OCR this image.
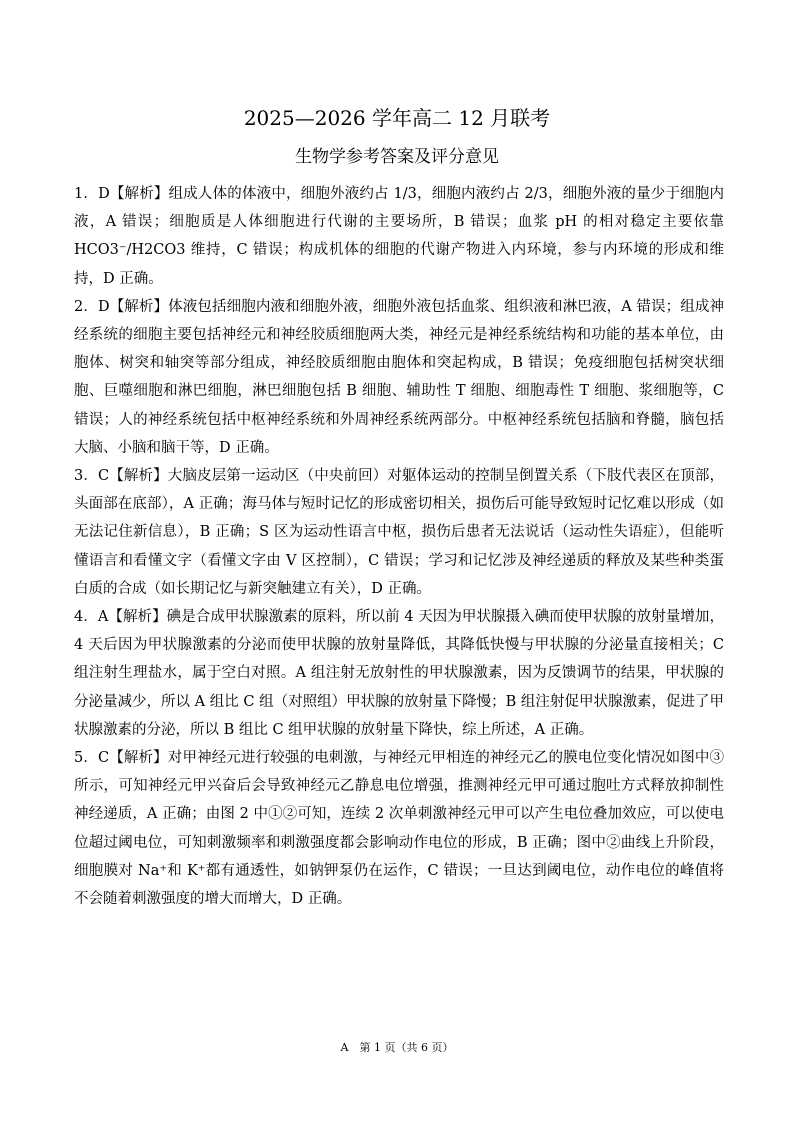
2025—2026 学年高二 12 月联考
生物学参考答案及评分意见

1．D【解析】组成人体的体液中，细胞外液约占 1/3，细胞内液约占 2/3，细胞外液的量少于细胞内液，A 错误；细胞质是人体细胞进行代谢的主要场所，B 错误；血浆 pH 的相对稳定主要依靠 HCO3⁻/H2CO3 维持，C 错误；构成机体的细胞的代谢产物进入内环境，参与内环境的形成和维持，D 正确。

2．D【解析】体液包括细胞内液和细胞外液，细胞外液包括血浆、组织液和淋巴液，A 错误；组成神经系统的细胞主要包括神经元和神经胶质细胞两大类，神经元是神经系统结构和功能的基本单位，由胞体、树突和轴突等部分组成，神经胶质细胞由胞体和突起构成，B 错误；免疫细胞包括树突状细胞、巨噬细胞和淋巴细胞，淋巴细胞包括 B 细胞、辅助性 T 细胞、细胞毒性 T 细胞、浆细胞等，C 错误；人的神经系统包括中枢神经系统和外周神经系统两部分。中枢神经系统包括脑和脊髓，脑包括大脑、小脑和脑干等，D 正确。

3．C【解析】大脑皮层第一运动区（中央前回）对躯体运动的控制呈倒置关系（下肢代表区在顶部，头面部在底部），A 正确；海马体与短时记忆的形成密切相关，损伤后可能导致短时记忆难以形成（如无法记住新信息），B 正确；S 区为运动性语言中枢，损伤后患者无法说话（运动性失语症），但能听懂语言和看懂文字（看懂文字由 V 区控制），C 错误；学习和记忆涉及神经递质的释放及某些种类蛋白质的合成（如长期记忆与新突触建立有关），D 正确。

4．A【解析】碘是合成甲状腺激素的原料，所以前 4 天因为甲状腺摄入碘而使甲状腺的放射量增加，4 天后因为甲状腺激素的分泌而使甲状腺的放射量降低，其降低快慢与甲状腺的分泌量直接相关；C 组注射生理盐水，属于空白对照。A 组注射无放射性的甲状腺激素，因为反馈调节的结果，甲状腺的分泌量减少，所以 A 组比 C 组（对照组）甲状腺的放射量下降慢；B 组注射促甲状腺激素，促进了甲状腺激素的分泌，所以 B 组比 C 组甲状腺的放射量下降快，综上所述，A 正确。

5．C【解析】对甲神经元进行较强的电刺激，与神经元甲相连的神经元乙的膜电位变化情况如图中③所示，可知神经元甲兴奋后会导致神经元乙静息电位增强，推测神经元甲可通过胞吐方式释放抑制性神经递质，A 正确；由图 2 中①②可知，连续 2 次单刺激神经元甲可以产生电位叠加效应，可以使电位超过阈电位，可知刺激频率和刺激强度都会影响动作电位的形成，B 正确；图中②曲线上升阶段，细胞膜对 Na⁺和 K⁺都有通透性，如钠钾泵仍在运作，C 错误；一旦达到阈电位，动作电位的峰值将不会随着刺激强度的增大而增大，D 正确。

A　第 1 页（共 6 页）
